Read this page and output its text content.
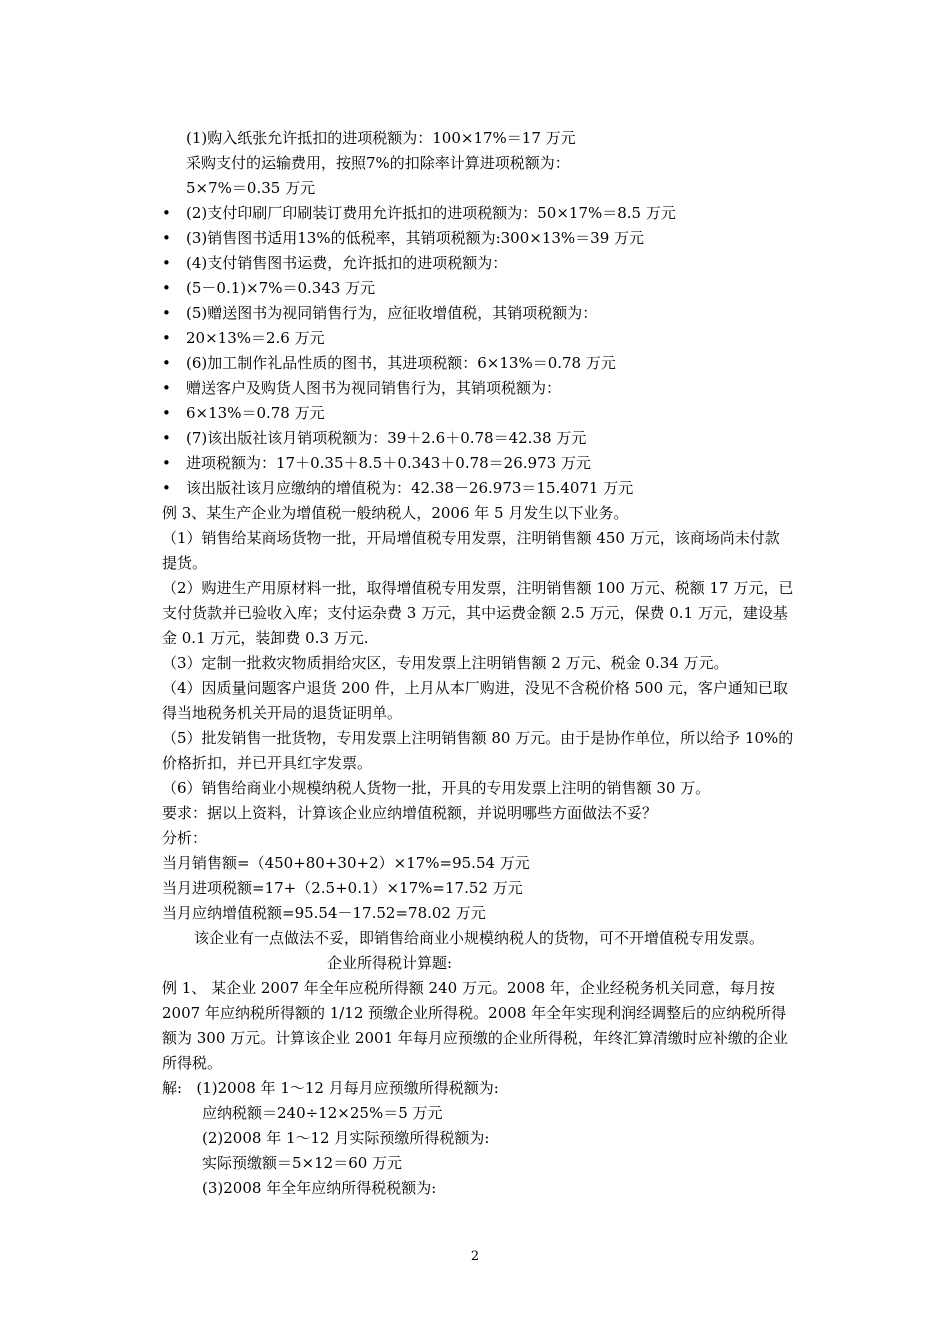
(1)购入纸张允许抵扣的进项税额为：100×17%＝17 万元
采购支付的运输费用，按照7%的扣除率计算进项税额为：
5×7%＝0.35 万元
• (2)支付印刷厂印刷装订费用允许抵扣的进项税额为：50×17%＝8.5 万元
• (3)销售图书适用13%的低税率，其销项税额为:300×13%＝39 万元
• (4)支付销售图书运费，允许抵扣的进项税额为：
• (5－0.1)×7%＝0.343 万元
• (5)赠送图书为视同销售行为，应征收增值税，其销项税额为：
• 20×13%＝2.6 万元
• (6)加工制作礼品性质的图书，其进项税额：6×13%＝0.78 万元
• 赠送客户及购货人图书为视同销售行为，其销项税额为：
• 6×13%＝0.78 万元
• (7)该出版社该月销项税额为：39＋2.6＋0.78＝42.38 万元
• 进项税额为：17＋0.35＋8.5＋0.343＋0.78＝26.973 万元
• 该出版社该月应缴纳的增值税为：42.38－26.973＝15.4071 万元
例 3、某生产企业为增值税一般纳税人，2006 年 5 月发生以下业务。
（1）销售给某商场货物一批，开局增值税专用发票，注明销售额 450 万元，该商场尚未付款提货。
（2）购进生产用原材料一批，取得增值税专用发票，注明销售额 100 万元、税额 17 万元，已支付货款并已验收入库；支付运杂费 3 万元，其中运费金额 2.5 万元，保费 0.1 万元，建设基金 0.1 万元，装卸费 0.3 万元.
（3）定制一批救灾物质捐给灾区，专用发票上注明销售额 2 万元、税金 0.34 万元。
（4）因质量问题客户退货 200 件，上月从本厂购进，没见不含税价格 500 元，客户通知已取得当地税务机关开局的退货证明单。
（5）批发销售一批货物，专用发票上注明销售额 80 万元。由于是协作单位，所以给予 10%的价格折扣，并已开具红字发票。
（6）销售给商业小规模纳税人货物一批，开具的专用发票上注明的销售额 30 万。
要求：据以上资料，计算该企业应纳增值税额，并说明哪些方面做法不妥？
分析：
当月销售额=（450+80+30+2）×17%=95.54 万元
当月进项税额=17+（2.5+0.1）×17%=17.52 万元
当月应纳增值税额=95.54－17.52=78.02 万元
该企业有一点做法不妥，即销售给商业小规模纳税人的货物，可不开增值税专用发票。
企业所得税计算题:
例 1、 某企业 2007 年全年应税所得额 240 万元。2008 年，企业经税务机关同意，每月按 2007 年应纳税所得额的 1/12 预缴企业所得税。2008 年全年实现利润经调整后的应纳税所得额为 300 万元。计算该企业 2001 年每月应预缴的企业所得税，年终汇算清缴时应补缴的企业所得税。
解: (1)2008 年 1～12 月每月应预缴所得税额为:
应纳税额＝240÷12×25%＝5 万元
(2)2008 年 1～12 月实际预缴所得税额为:
实际预缴额＝5×12＝60 万元
(3)2008 年全年应纳所得税税额为:
2
